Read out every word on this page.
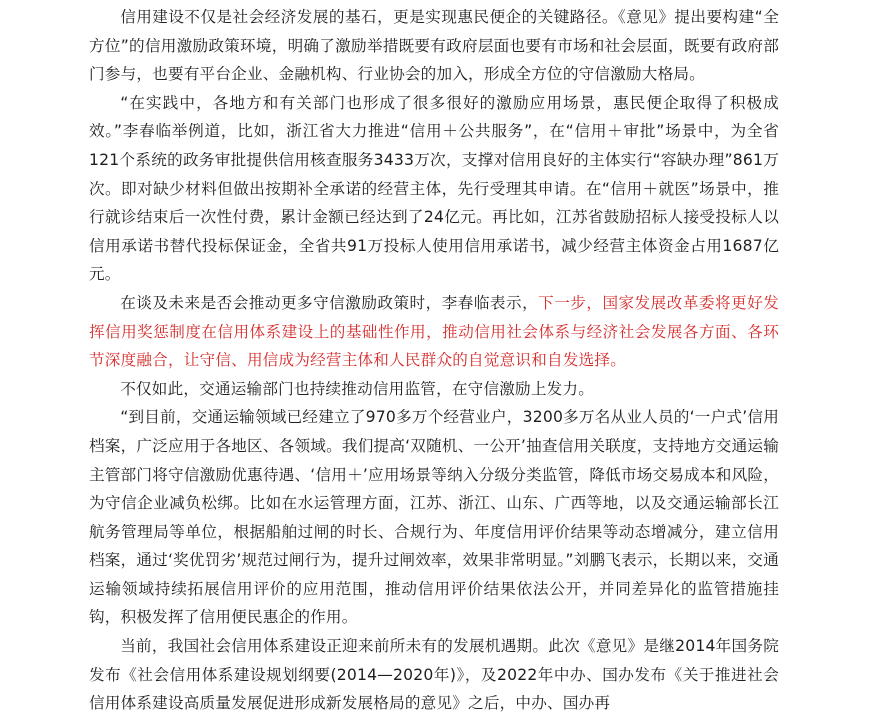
信用建设不仅是社会经济发展的基石，更是实现惠民便企的关键路径。《意见》提出要构建“全方位”的信用激励政策环境，明确了激励举措既要有政府层面也要有市场和社会层面，既要有政府部门参与，也要有平台企业、金融机构、行业协会的加入，形成全方位的守信激励大格局。

“在实践中，各地方和有关部门也形成了很多很好的激励应用场景，惠民便企取得了积极成效。”李春临举例道，比如，浙江省大力推进“信用＋公共服务”，在“信用＋审批”场景中，为全省121个系统的政务审批提供信用核查服务3433万次，支撑对信用良好的主体实行“容缺办理”861万次。即对缺少材料但做出按期补全承诺的经营主体，先行受理其申请。在“信用＋就医”场景中，推行就诊结束后一次性付费，累计金额已经达到了24亿元。再比如，江苏省鼓励招标人接受投标人以信用承诺书替代投标保证金，全省共91万投标人使用信用承诺书，减少经营主体资金占用1687亿元。

在谈及未来是否会推动更多守信激励政策时，李春临表示，下一步，国家发展改革委将更好发挥信用奖惩制度在信用体系建设上的基础性作用，推动信用社会体系与经济社会发展各方面、各环节深度融合，让守信、用信成为经营主体和人民群众的自觉意识和自发选择。

不仅如此，交通运输部门也持续推动信用监管，在守信激励上发力。

“到目前，交通运输领域已经建立了970多万个经营业户，3200多万名从业人员的‘一户式’信用档案，广泛应用于各地区、各领域。我们提高‘双随机、一公开’抽查信用关联度，支持地方交通运输主管部门将守信激励优惠待遇、‘信用＋’应用场景等纳入分级分类监管，降低市场交易成本和风险，为守信企业减负松绑。比如在水运管理方面，江苏、浙江、山东、广西等地，以及交通运输部长江航务管理局等单位，根据船舶过闸的时长、合规行为、年度信用评价结果等动态增减分，建立信用档案，通过‘奖优罚劣’规范过闸行为，提升过闸效率，效果非常明显。”刘鹏飞表示，长期以来，交通运输领域持续拓展信用评价的应用范围，推动信用评价结果依法公开，并同差异化的监管措施挂钩，积极发挥了信用便民惠企的作用。

当前，我国社会信用体系建设正迎来前所未有的发展机遇期。此次《意见》是继2014年国务院发布《社会信用体系建设规划纲要(2014—2020年)》，及2022年中办、国办发布《关于推进社会信用体系建设高质量发展促进形成新发展格局的意见》之后，中办、国办再
